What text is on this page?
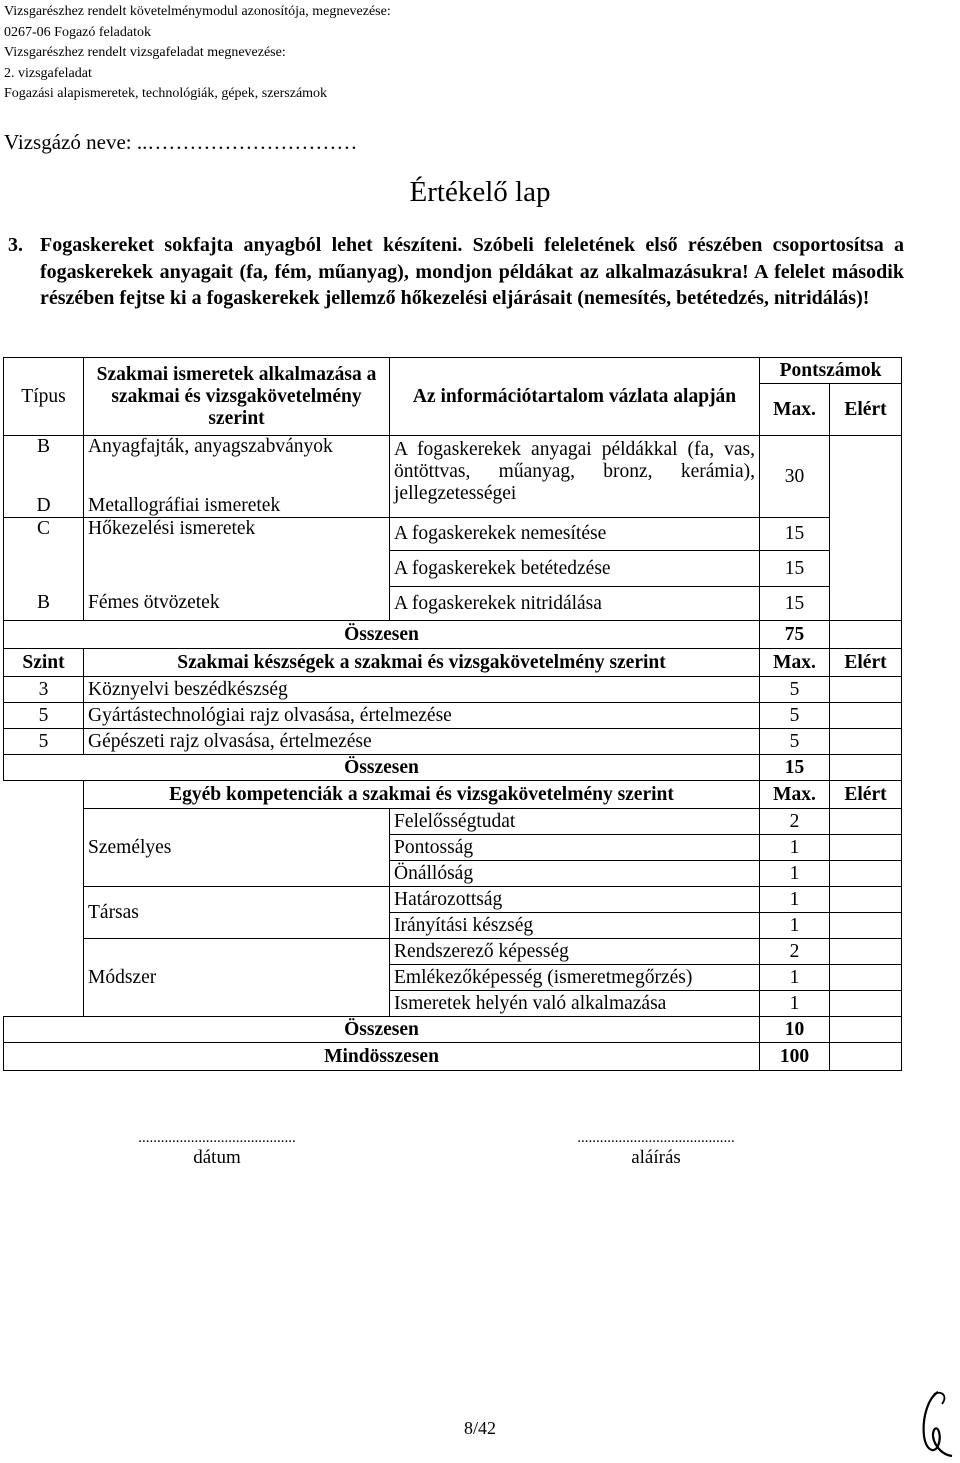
Vizsgarészhez rendelt követelménymodul azonosítója, megnevezése:
0267-06 Fogazó feladatok
Vizsgarészhez rendelt vizsgafeladat megnevezése:
2. vizsgafeladat
Fogazási alapismeretek, technológiák, gépek, szerszámok
Vizsgázó neve: ..…………………………
Értékelő lap
3. Fogaskereket sokfajta anyagból lehet készíteni. Szóbeli feleletének első részében csoportosítsa a fogaskerekek anyagait (fa, fém, műanyag), mondjon példákat az alkalmazásukra! A felelet második részében fejtse ki a fogaskerekek jellemző hőkezelési eljárásait (nemesítés, betétedzés, nitridálás)!
Típus	Szakmai ismeretek alkalmazása a szakmai és vizsgakövetelmény szerint	Az információtartalom vázlata alapján	Pontszámok	
			Max.	Elért
B	Anyagfajták, anyagszabványok	A fogaskerekek anyagai példákkal (fa, vas, öntöttvas, műanyag, bronz, kerámia), jellegzetességei	30	
D	Metallográfiai ismeretek			
C	Hőkezelési ismeretek	A fogaskerekek nemesítése	15	
		A fogaskerekek betétedzése	15	
B	Fémes ötvözetek	A fogaskerekek nitridálása	15	
Összesen			75	
Szint	Szakmai készségek a szakmai és vizsgakövetelmény szerint		Max.	Elért
3	Köznyelvi beszédkészség		5	
5	Gyártástechnológiai rajz olvasása, értelmezése		5	
5	Gépészeti rajz olvasása, értelmezése		5	
Összesen			15	
	Egyéb kompetenciák a szakmai és vizsgakövetelmény szerint		Max.	Elért
	Személyes	Felelősségtudat	2	
		Pontosság	1	
		Önállóság	1	
	Társas	Határozottság	1	
		Irányítási készség	1	
	Módszer	Rendszerező képesség	2	
		Emlékezőképesség (ismeretmegőrzés)	1	
		Ismeretek helyén való alkalmazása	1	
Összesen			10	
Mindösszesen			100	
..........................................
dátum
..........................................
aláírás
8/42
